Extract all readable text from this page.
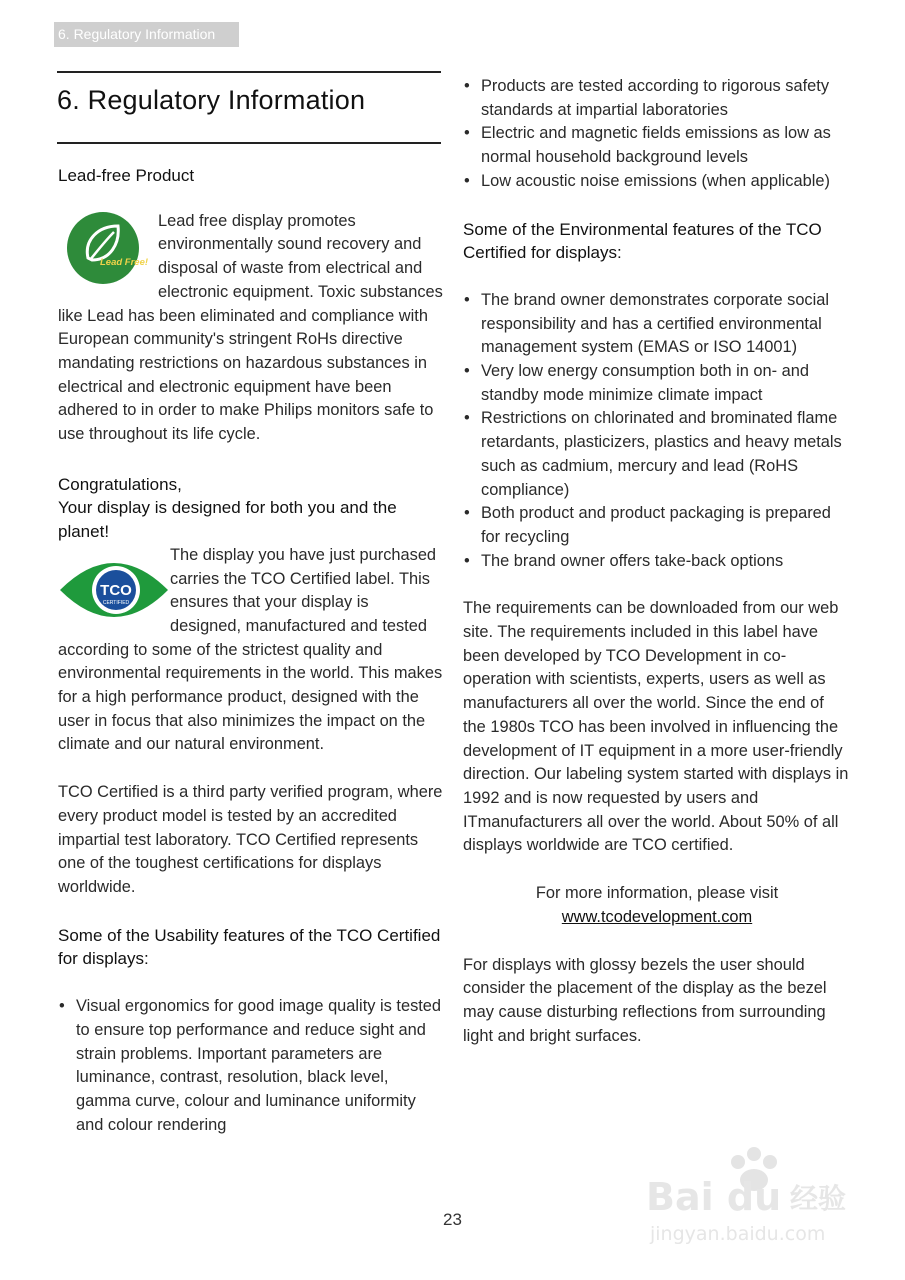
6. Regulatory Information
6. Regulatory Information

Lead-free Product

Lead Free!

Lead free display promotes environmentally sound recovery and disposal of waste from electrical and electronic equipment. Toxic substances like Lead has been eliminated and compliance with European community's stringent RoHs directive mandating restrictions on hazardous substances in electrical and electronic equipment have been adhered to in order to make Philips monitors safe to use throughout its life cycle.

Congratulations,

Your display is designed for both you and the planet!

TCO
CERTIFIED

The display you have just purchased carries the TCO Certified label. This ensures that your display is designed, manufactured and tested according to some of the strictest quality and environmental requirements in the world. This makes for a high performance product, designed with the user in focus that also minimizes the impact on the climate and our natural environment.

TCO Certified is a third party verified program, where every product model is tested by an accredited impartial test laboratory. TCO Certified represents one of the toughest certifications for displays worldwide.

Some of the Usability features of the TCO Certified for displays:

• Visual ergonomics for good image quality is tested to ensure top performance and reduce sight and strain problems. Important parameters are luminance, contrast, resolution, black level, gamma curve, colour and luminance uniformity and colour rendering
• Products are tested according to rigorous safety standards at impartial laboratories
• Electric and magnetic fields emissions as low as normal household background levels
• Low acoustic noise emissions (when applicable)

Some of the Environmental features of the TCO Certified for displays:

• The brand owner demonstrates corporate social responsibility and has a certified environmental management system (EMAS or ISO 14001)
• Very low energy consumption both in on- and standby mode minimize climate impact
• Restrictions on chlorinated and brominated flame retardants, plasticizers, plastics and heavy metals such as cadmium, mercury and lead (RoHS compliance)
• Both product and product packaging is prepared for recycling
• The brand owner offers take-back options

The requirements can be downloaded from our web site. The requirements included in this label have been developed by TCO Development in co-operation with scientists, experts, users as well as manufacturers all over the world. Since the end of the 1980s TCO has been involved in influencing the development of IT equipment in a more user-friendly direction. Our labeling system started with displays in 1992 and is now requested by users and ITmanufacturers all over the world. About 50% of all displays worldwide are TCO certified.

For more information, please visit

www.tcodevelopment.com

For displays with glossy bezels the user should consider the placement of the display as the bezel may cause disturbing reflections from surrounding light and bright surfaces.

23
Bai du 经验
jingyan.baidu.com
